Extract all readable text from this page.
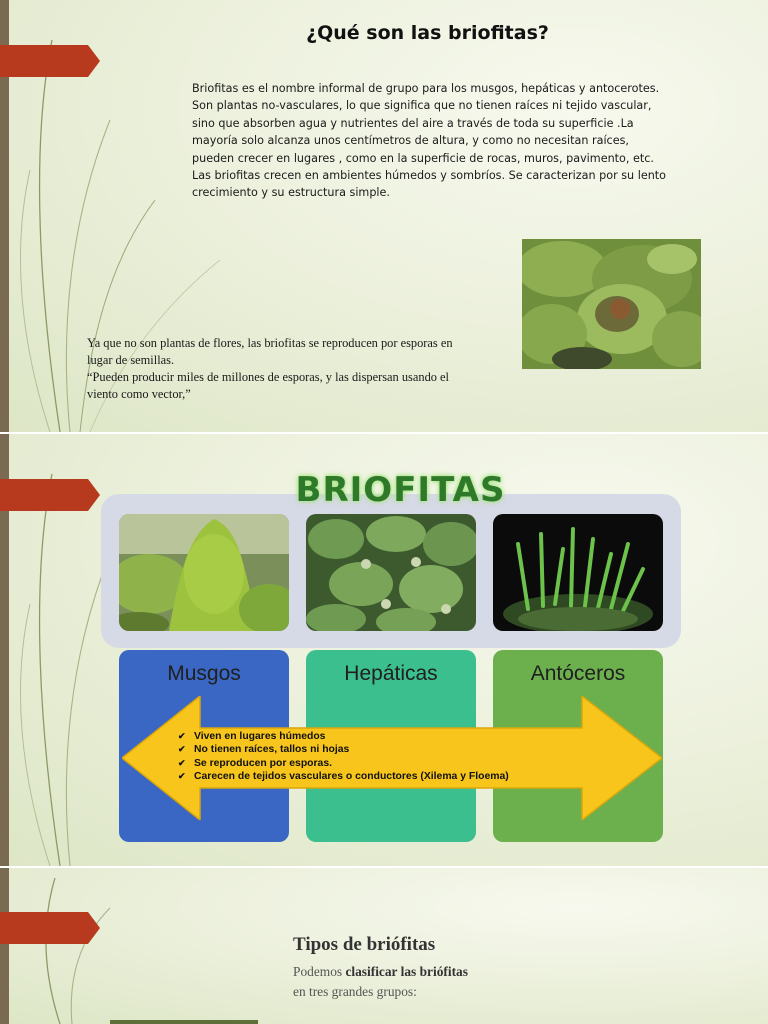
¿Qué son las briofitas?
Briofitas es el nombre informal de grupo para los musgos, hepáticas y antocerotes. Son plantas no-vasculares, lo que significa que no tienen raíces ni tejido vascular, sino que absorben agua y nutrientes del aire a través de toda su superficie .La mayoría solo alcanza unos centímetros de altura, y como no necesitan raíces, pueden crecer en lugares , como en la superficie de rocas, muros, pavimento, etc. Las briofitas crecen en ambientes húmedos y sombríos. Se caracterizan por su lento crecimiento y su estructura simple.
Ya que no son plantas de flores, las briofitas se reproducen por esporas en lugar de semillas.
“Pueden producir miles de millones de esporas, y las dispersan usando el viento como vector,”
BRIOFITAS
Musgos	Hepáticas	Antóceros
✔ Viven en lugares húmedos
✔ No tienen raíces, tallos ni hojas
✔ Se reproducen por esporas.
✔ Carecen de tejidos vasculares o conductores (Xilema y Floema)
Tipos de briófitas
Podemos clasificar las briófitas en tres grandes grupos:
